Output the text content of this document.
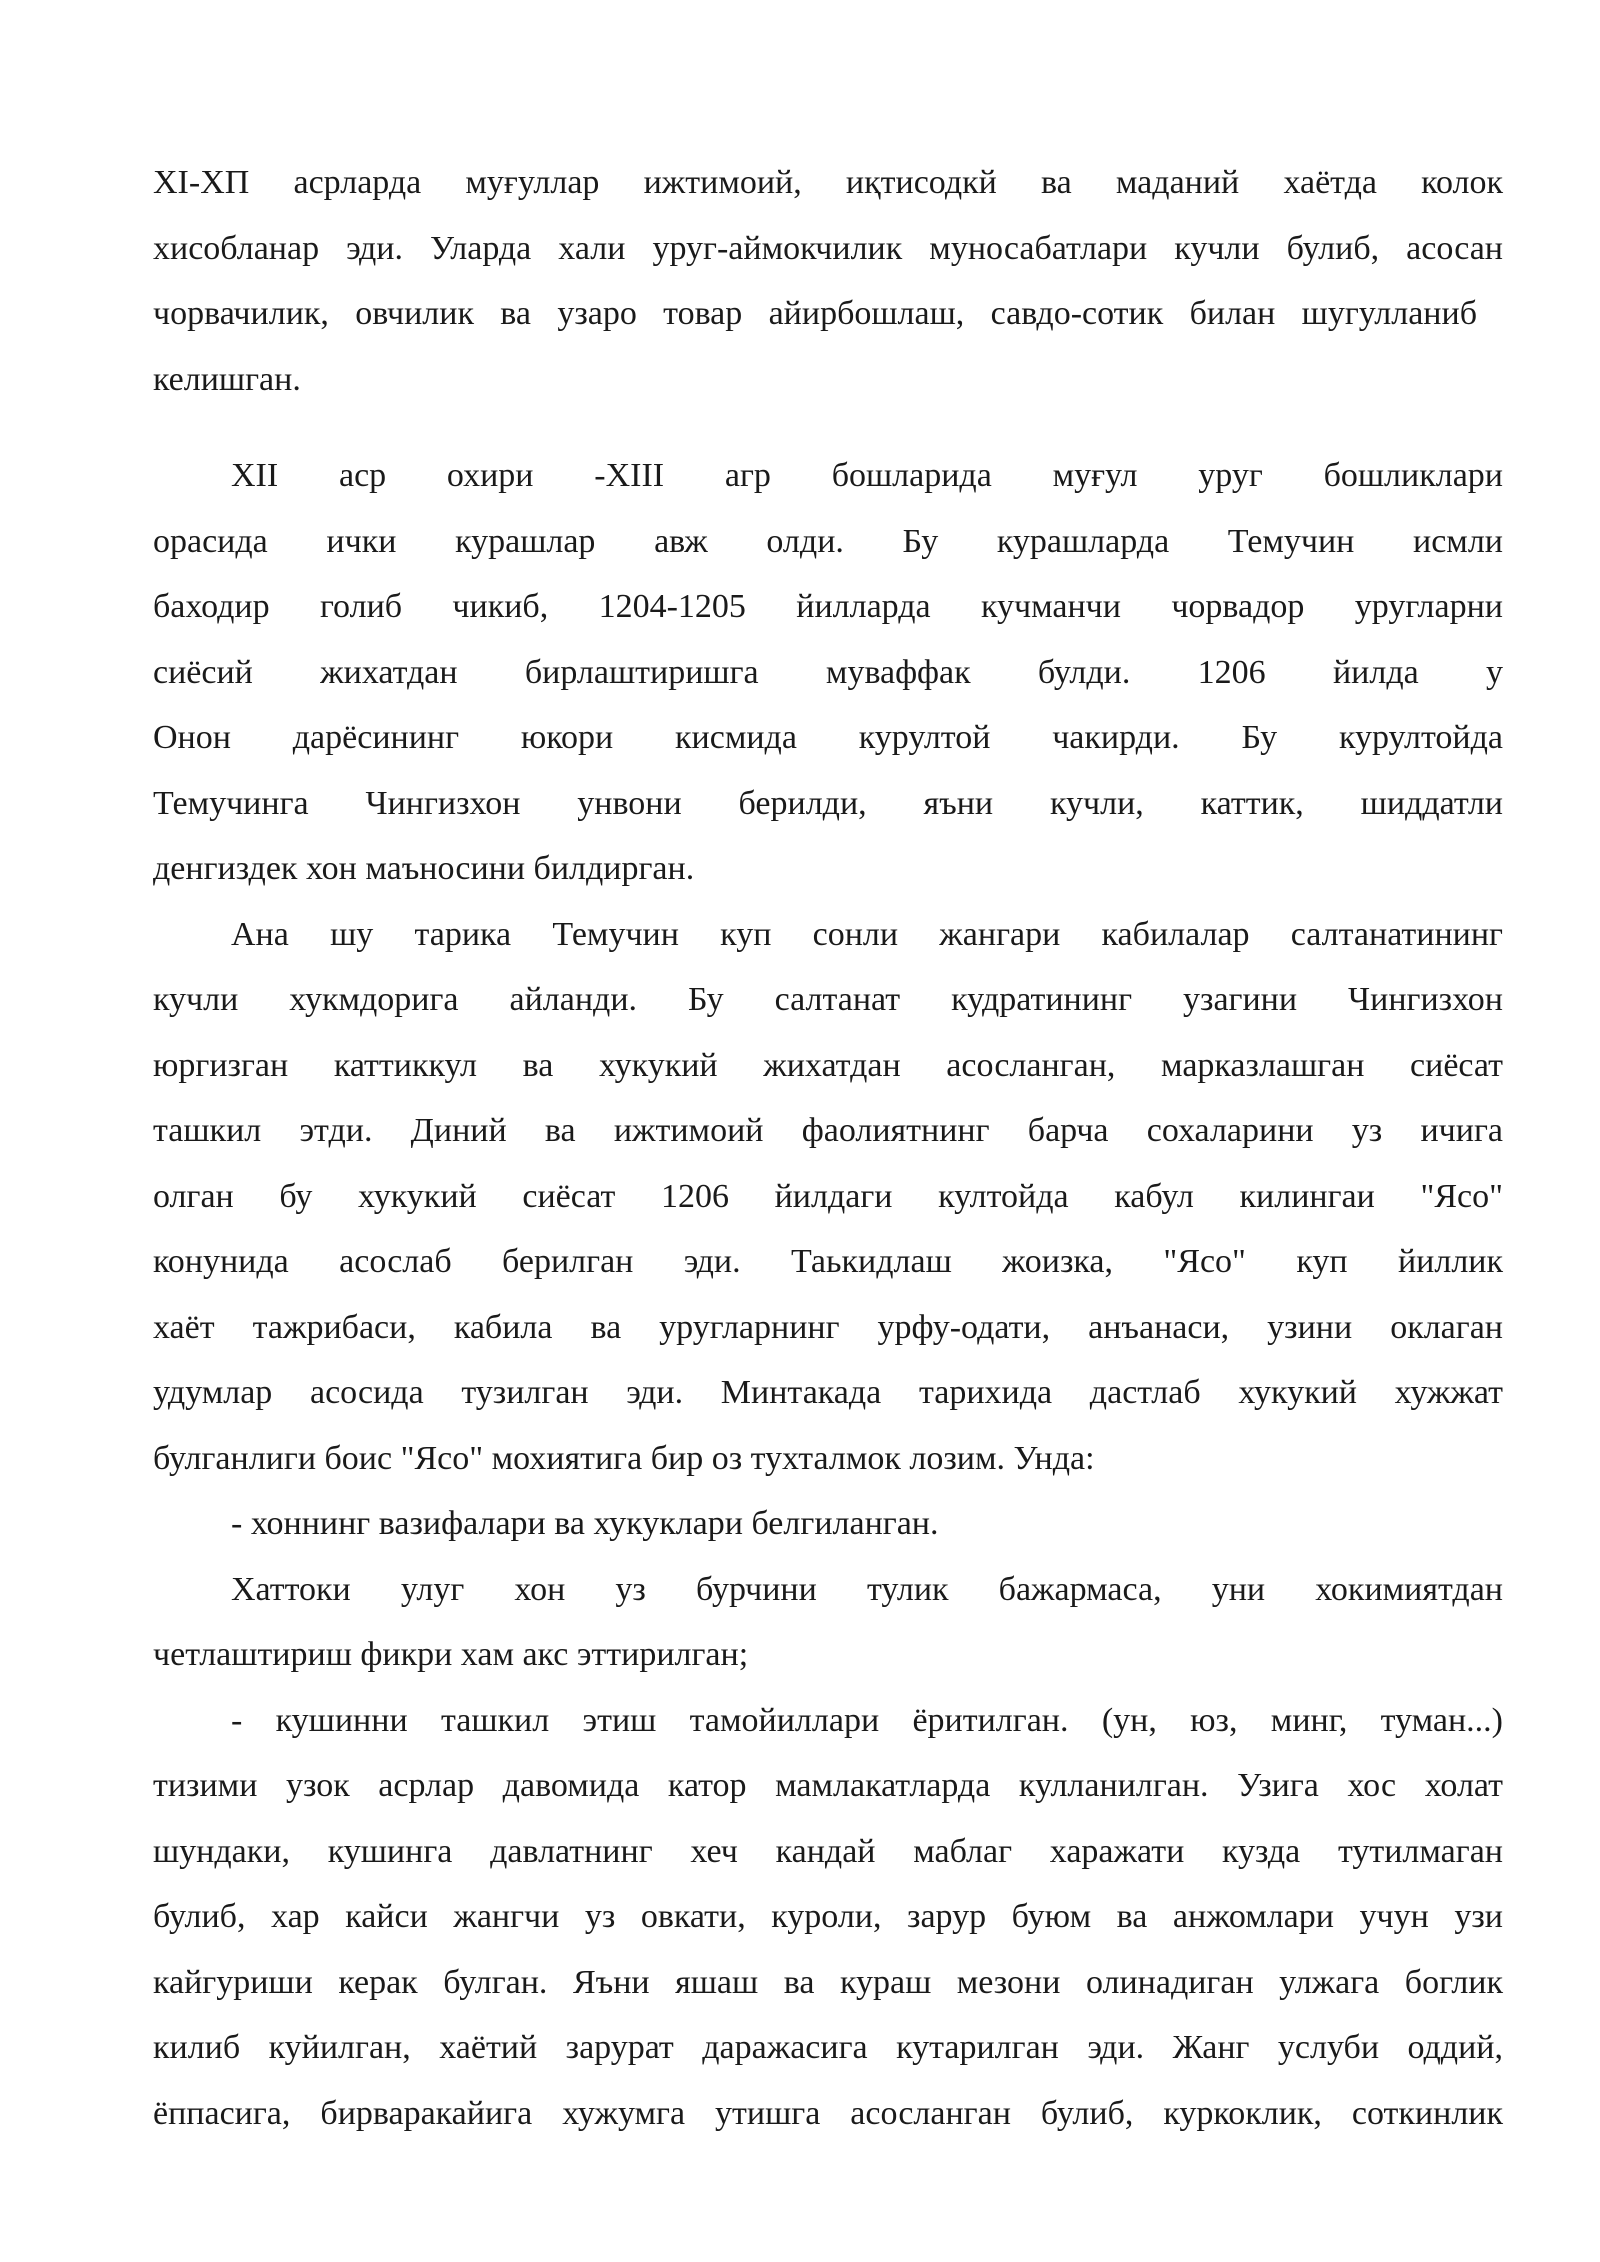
XI-XП асрларда муғуллар ижтимоий, иқтисодкй ва маданий хаётда колок
хисобланар эди. Уларда хали уруг-аймокчилик муносабатлари кучли булиб, асосан
чорвачилик, овчилик ва узаро товар айирбошлаш, савдо-сотик билан шугулланиб
келишган.
XII аср охири -XIII агр бошларида муғул уруг бошликлари
орасида ички курашлар авж олди. Бу курашларда Темучин исмли
баходир голиб чикиб, 1204-1205 йилларда кучманчи чорвадор уругларни
сиёсий жихатдан бирлаштиришга муваффак булди. 1206 йилда у
Онон дарёсининг юкори кисмида курултой чакирди. Бу курултойда
Темучинга Чингизхон унвони берилди, яъни кучли, каттик, шиддатли
денгиздек хон маъносини билдирган.
Ана шу тарика Темучин куп сонли жангари кабилалар салтанатининг
кучли хукмдорига айланди. Бу салтанат кудратининг узагини Чингизхон
юргизган каттиккул ва хукукий жихатдан асосланган, марказлашган сиёсат
ташкил этди. Диний ва ижтимоий фаолиятнинг барча сохаларини уз ичига
олган бу хукукий сиёсат 1206 йилдаги култойда кабул килингаи "Ясо"
конунида асослаб берилган эди. Таькидлаш жоизка, "Ясо" куп йиллик
хаёт тажрибаси, кабила ва уругларнинг урфу-одати, анъанаси, узини оклаган
удумлар асосида тузилган эди. Минтакада тарихида дастлаб хукукий хужжат
булганлиги боис "Ясо" мохиятига бир оз тухталмок лозим. Унда:
- хоннинг вазифалари ва хукуклари белгиланган.
Хаттоки улуг хон уз бурчини тулик бажармаса, уни хокимиятдан
четлаштириш фикри хам акс эттирилган;
- кушинни ташкил этиш тамойиллари ёритилган. (ун, юз, минг, туман...)
тизими узок асрлар давомида катор мамлакатларда кулланилган. Узига хос холат
шундаки, кушинга давлатнинг хеч кандай маблаг харажати кузда тутилмаган
булиб, хар кайси жангчи уз овкати, куроли, зарур буюм ва анжомлари учун узи
кайгуриши керак булган. Яъни яшаш ва кураш мезони олинадиган улжага боглик
килиб куйилган, хаётий зарурат даражасига кутарилган эди. Жанг услуби оддий,
ёппасига, бирваракайига хужумга утишга асосланган булиб, куркоклик, соткинлик
